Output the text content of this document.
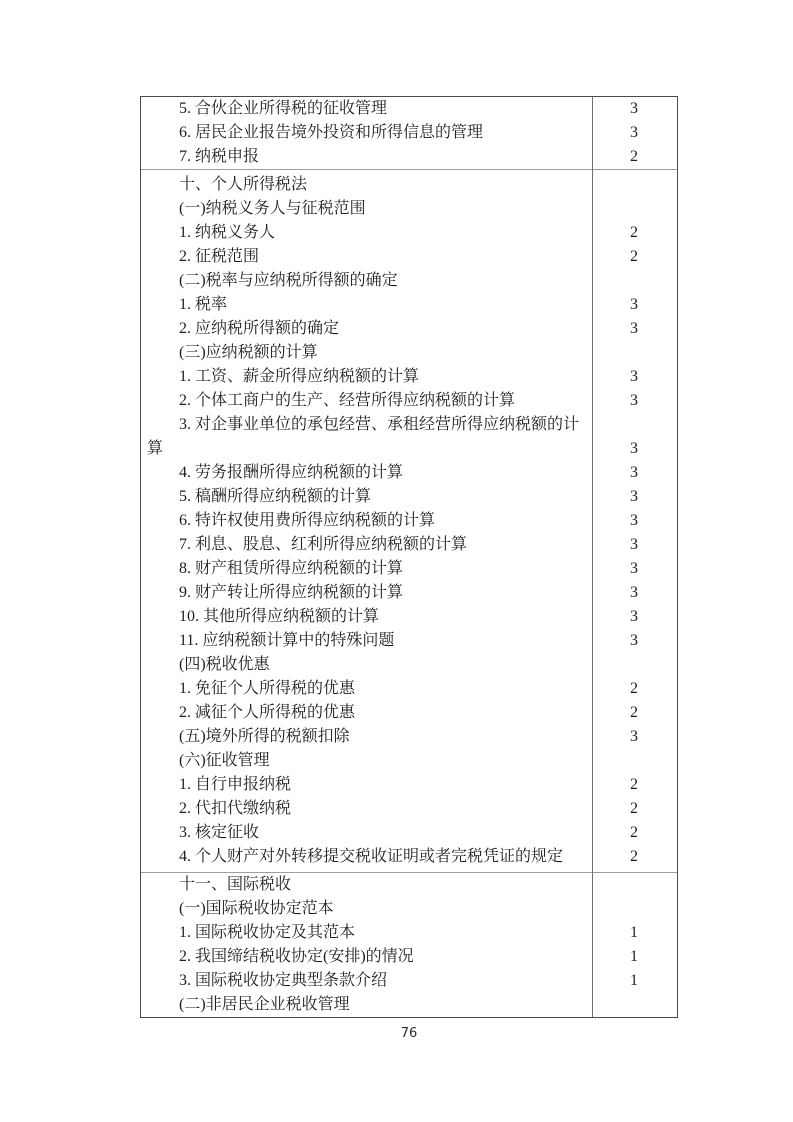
5. 合伙企业所得税的征收管理	3
6. 居民企业报告境外投资和所得信息的管理	3
7. 纳税申报	2
十、个人所得税法
(一)纳税义务人与征税范围
1. 纳税义务人	2
2. 征税范围	2
(二)税率与应纳税所得额的确定
1. 税率	3
2. 应纳税所得额的确定	3
(三)应纳税额的计算
1. 工资、薪金所得应纳税额的计算	3
2. 个体工商户的生产、经营所得应纳税额的计算	3
3. 对企事业单位的承包经营、承租经营所得应纳税额的计算	3
4. 劳务报酬所得应纳税额的计算	3
5. 稿酬所得应纳税额的计算	3
6. 特许权使用费所得应纳税额的计算	3
7. 利息、股息、红利所得应纳税额的计算	3
8. 财产租赁所得应纳税额的计算	3
9. 财产转让所得应纳税额的计算	3
10. 其他所得应纳税额的计算	3
11. 应纳税额计算中的特殊问题	3
(四)税收优惠
1. 免征个人所得税的优惠	2
2. 减征个人所得税的优惠	2
(五)境外所得的税额扣除	3
(六)征收管理
1. 自行申报纳税	2
2. 代扣代缴纳税	2
3. 核定征收	2
4. 个人财产对外转移提交税收证明或者完税凭证的规定	2
十一、国际税收
(一)国际税收协定范本
1. 国际税收协定及其范本	1
2. 我国缔结税收协定(安排)的情况	1
3. 国际税收协定典型条款介绍	1
(二)非居民企业税收管理
76
